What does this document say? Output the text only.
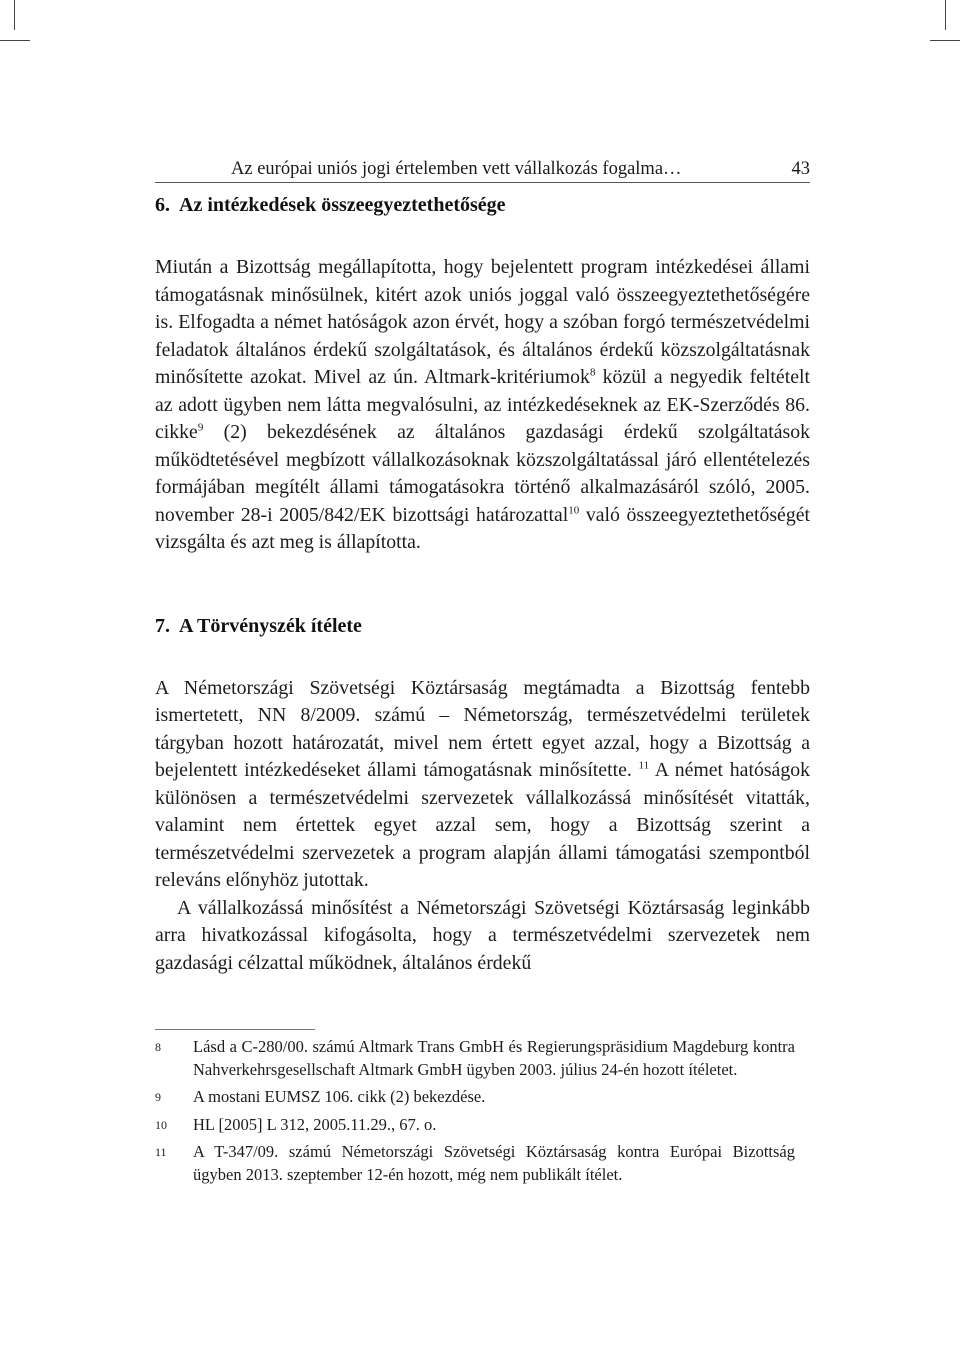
Az európai uniós jogi értelemben vett vállalkozás fogalma…	43
6. Az intézkedések összeegyeztethetősége

Miután a Bizottság megállapította, hogy bejelentett program intézkedései állami támogatásnak minősülnek, kitért azok uniós joggal való összeegyeztethetőségére is. Elfogadta a német hatóságok azon érvét, hogy a szóban forgó természetvédelmi feladatok általános érdekű szolgáltatások, és általános érdekű közszolgáltatásnak minősítette azokat. Mivel az ún. Altmark-kritériumok$^8$ közül a negyedik feltételt az adott ügyben nem látta megvalósulni, az intézkedéseknek az EK-Szerződés 86. cikke$^9$ (2) bekezdésének az általános gazdasági érdekű szolgáltatások működtetésével megbízott vállalkozásoknak közszolgáltatással járó ellentételezés formájában megítélt állami támogatásokra történő alkalmazásáról szóló, 2005. november 28-i 2005/842/EK bizottsági határozattal$^{10}$ való összeegyeztethetőségét vizsgálta és azt meg is állapította.

7. A Törvényszék ítélete

A Németországi Szövetségi Köztársaság megtámadta a Bizottság fentebb ismertetett, NN 8/2009. számú – Németország, természetvédelmi területek tárgyban hozott határozatát, mivel nem értett egyet azzal, hogy a Bizottság a bejelentett intézkedéseket állami támogatásnak minősítette. $^{11}$ A német hatóságok különösen a természetvédelmi szervezetek vállalkozássá minősítését vitatták, valamint nem értettek egyet azzal sem, hogy a Bizottság szerint a természetvédelmi szervezetek a program alapján állami támogatási szempontból releváns előnyhöz jutottak.

A vállalkozássá minősítést a Németországi Szövetségi Köztársaság leginkább arra hivatkozással kifogásolta, hogy a természetvédelmi szervezetek nem gazdasági célzattal működnek, általános érdekű

8	Lásd a C-280/00. számú Altmark Trans GmbH és Regierungspräsidium Magdeburg kontra Nahverkehrsgesellschaft Altmark GmbH ügyben 2003. július 24-én hozott ítéletet.
9	A mostani EUMSZ 106. cikk (2) bekezdése.
10	HL [2005] L 312, 2005.11.29., 67. o.
11	A T-347/09. számú Németországi Szövetségi Köztársaság kontra Európai Bizottság ügyben 2013. szeptember 12-én hozott, még nem publikált ítélet.
